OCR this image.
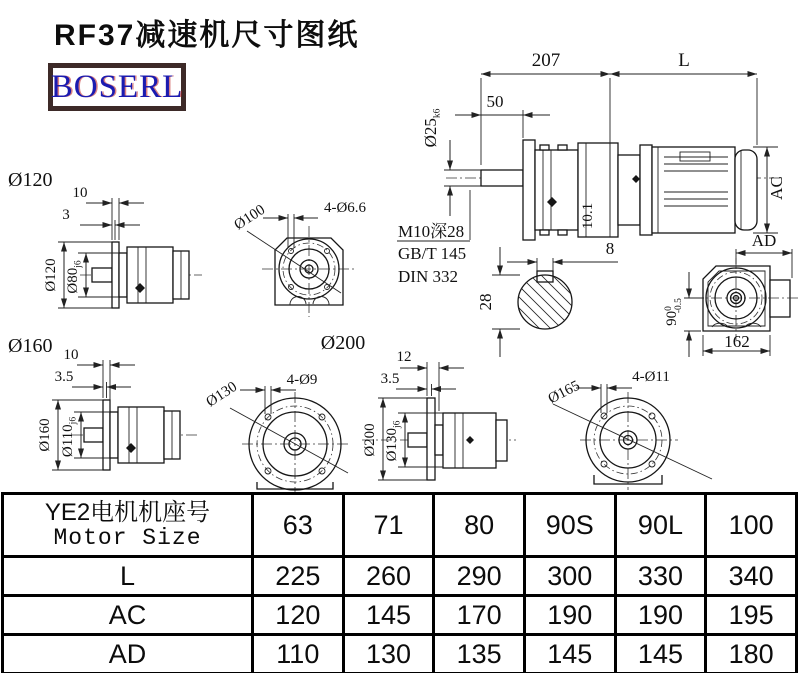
RF37减速机尺寸图纸
BOSERL
10.1
207	L
50
$Ø25_{k6}$
AC
M10深28
GB/T 145
DIN 332
8
28
AD
$90^0-0.5$
162
Ø120
10
3
Ø120 $Ø80_{j6}$
4-Ø6.6
Ø100
Ø160 10
3.5
Ø160 $Ø110_{j6}$
Ø200
4-Ø9
Ø130
12
3.5
Ø200 $Ø130_{j6}$
4-Ø11
Ø165
YE2电机机座号
Motor Size	63	71	80	90S	90L	100
L	225	260	290	300	330	340
AC	120	145	170	190	190	195
AD	110	130	135	145	145	180
